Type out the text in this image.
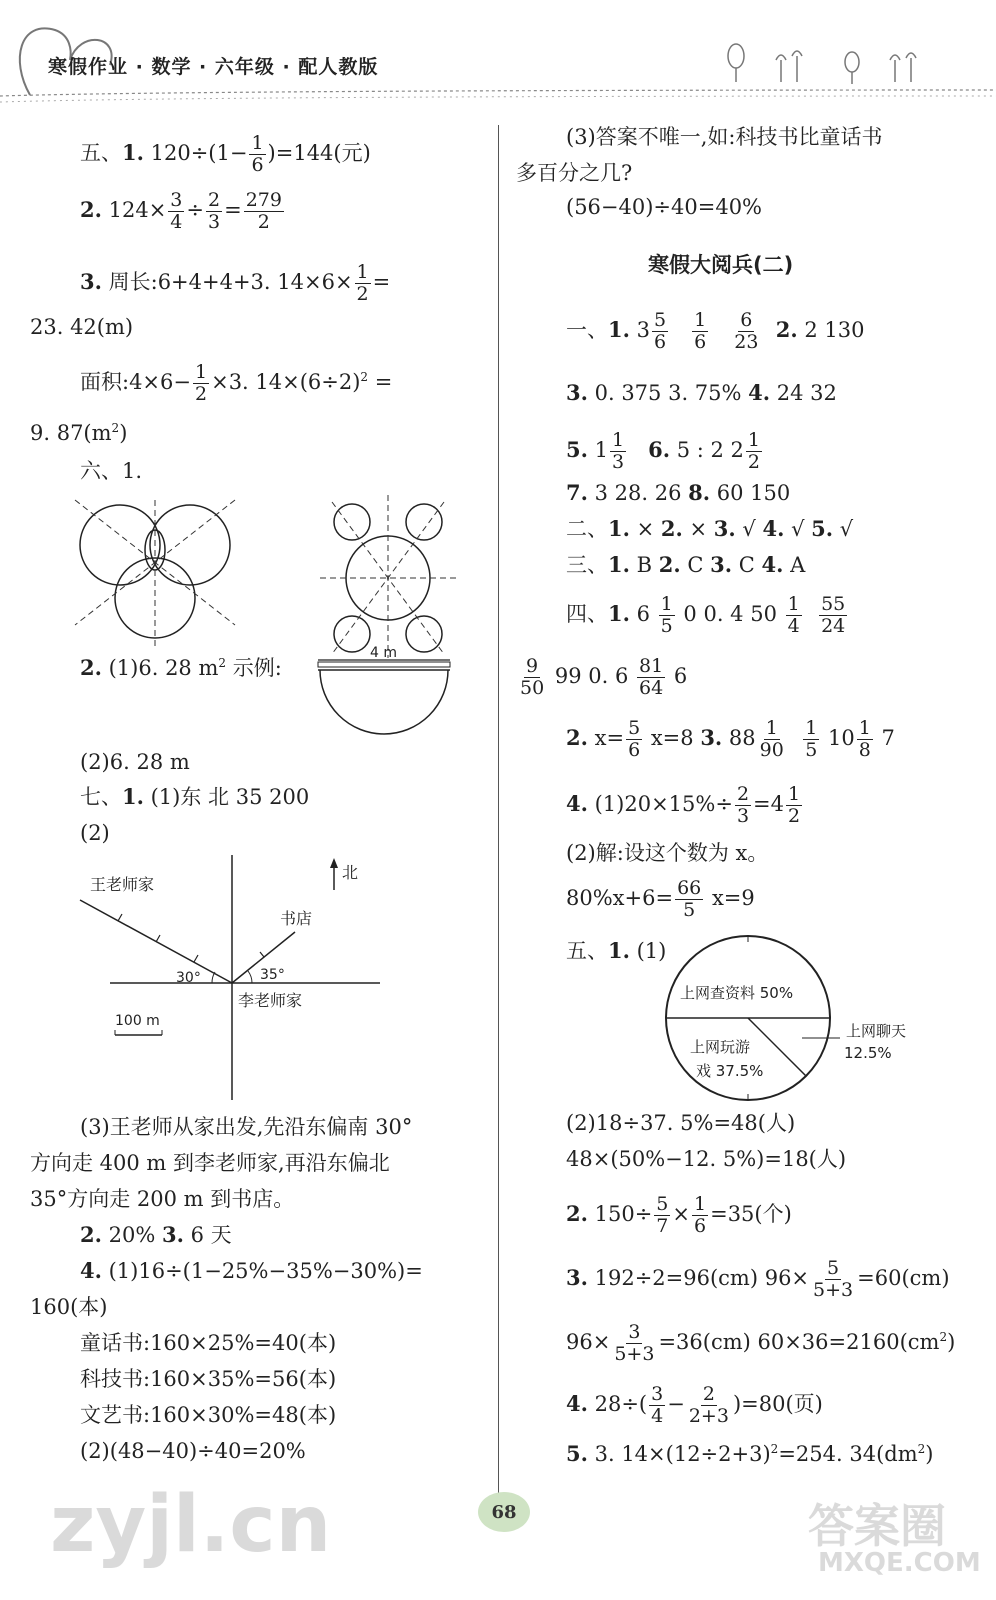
寒假作业 · 数学 · 六年级 · 配人教版
五、1. $120\div(1- \frac{1}{6} )=144$(元)
2. $124\times \frac{3}{4} \div \frac{2}{3} = \frac{279}{2}$
3. 周长:6+4+4+3. $14\times 6\times \frac{1}{2}$ =
23. 42(m)
面积:4×6− $\frac{1}{2} \times 3$. $14\times(6\div 2)^2$ =
9. $87(m^2)$
六、1.
2. (1)6. 28 $m^2$ 示例:
4 m
(2)6. 28 m
七、1. (1)东 北 35 200
(2)
北
王老师家
书店
李老师家
30°	35°
100 m
(3)王老师从家出发,先沿东偏南 30°
方向走 400 m 到李老师家,再沿东偏北
35°方向走 200 m 到书店。
2. 20% 3. 6 天
4. (1)16÷(1−25%−35%−30%)=
160(本)
童话书:160×25%=40(本)
科技书:160×35%=56(本)
文艺书:160×30%=48(本)
(2)(48−40)÷40=20%
(3)答案不唯一,如:科技书比童话书
多百分之几?
(56−40)÷40=40%
寒假大阅兵(二)
一、1. $3 \frac{5}{6}$
$\frac{1}{6}$
$\frac{6}{23} 2$. 2 130
3. 0. 375 3. 75% 4. 24 32
5. $1 \frac{1}{3} 6$. 5 : 2 $2 \frac{1}{2}$
7. 3 28. 26 8. 60 150
二、1. × 2. × 3. √ 4. √ 5. √
三、1. B 2. C 3. C 4. A
四、1. $6 \frac{1}{5} 0$ 0. 4 $50 \frac{1}{4}$
$\frac{55}{24}$
$\frac{9}{50} 99$ 0. $6 \frac{81}{64} 6$
2. $x= \frac{5}{6} x=8$ 3. $88 \frac{1}{90}$
$\frac{1}{5} 10 \frac{1}{8} 7$
4. $(1)20\times 15\%\div \frac{2}{3} =4 \frac{1}{2}$
(2)解:设这个数为 x。
$80\%x+6= \frac{66}{5} x=9$
五、1. (1)
上网查资料 50%
上网聊天
12.5%
上网玩游
戏 37.5%
(2)18÷37. 5%=48(人)
48×(50%−12. 5%)=18(人)
2. $150\div \frac{5}{7} \times \frac{1}{6} =35$(个)
3. 192÷2=96(cm) $96\times \frac{5}{5+3} =60(cm)$
$96\times \frac{3}{5+3} =36(cm)$ $60\times 36=2160(cm^2)$
4. $28\div( \frac{3}{4} - \frac{2}{2+3} )=80$(页)
5. 3. $14\times(12\div 2+3)^2=254$. $34(dm^2)$
68
zyjl.cn	答案圈
MXQE.COM
